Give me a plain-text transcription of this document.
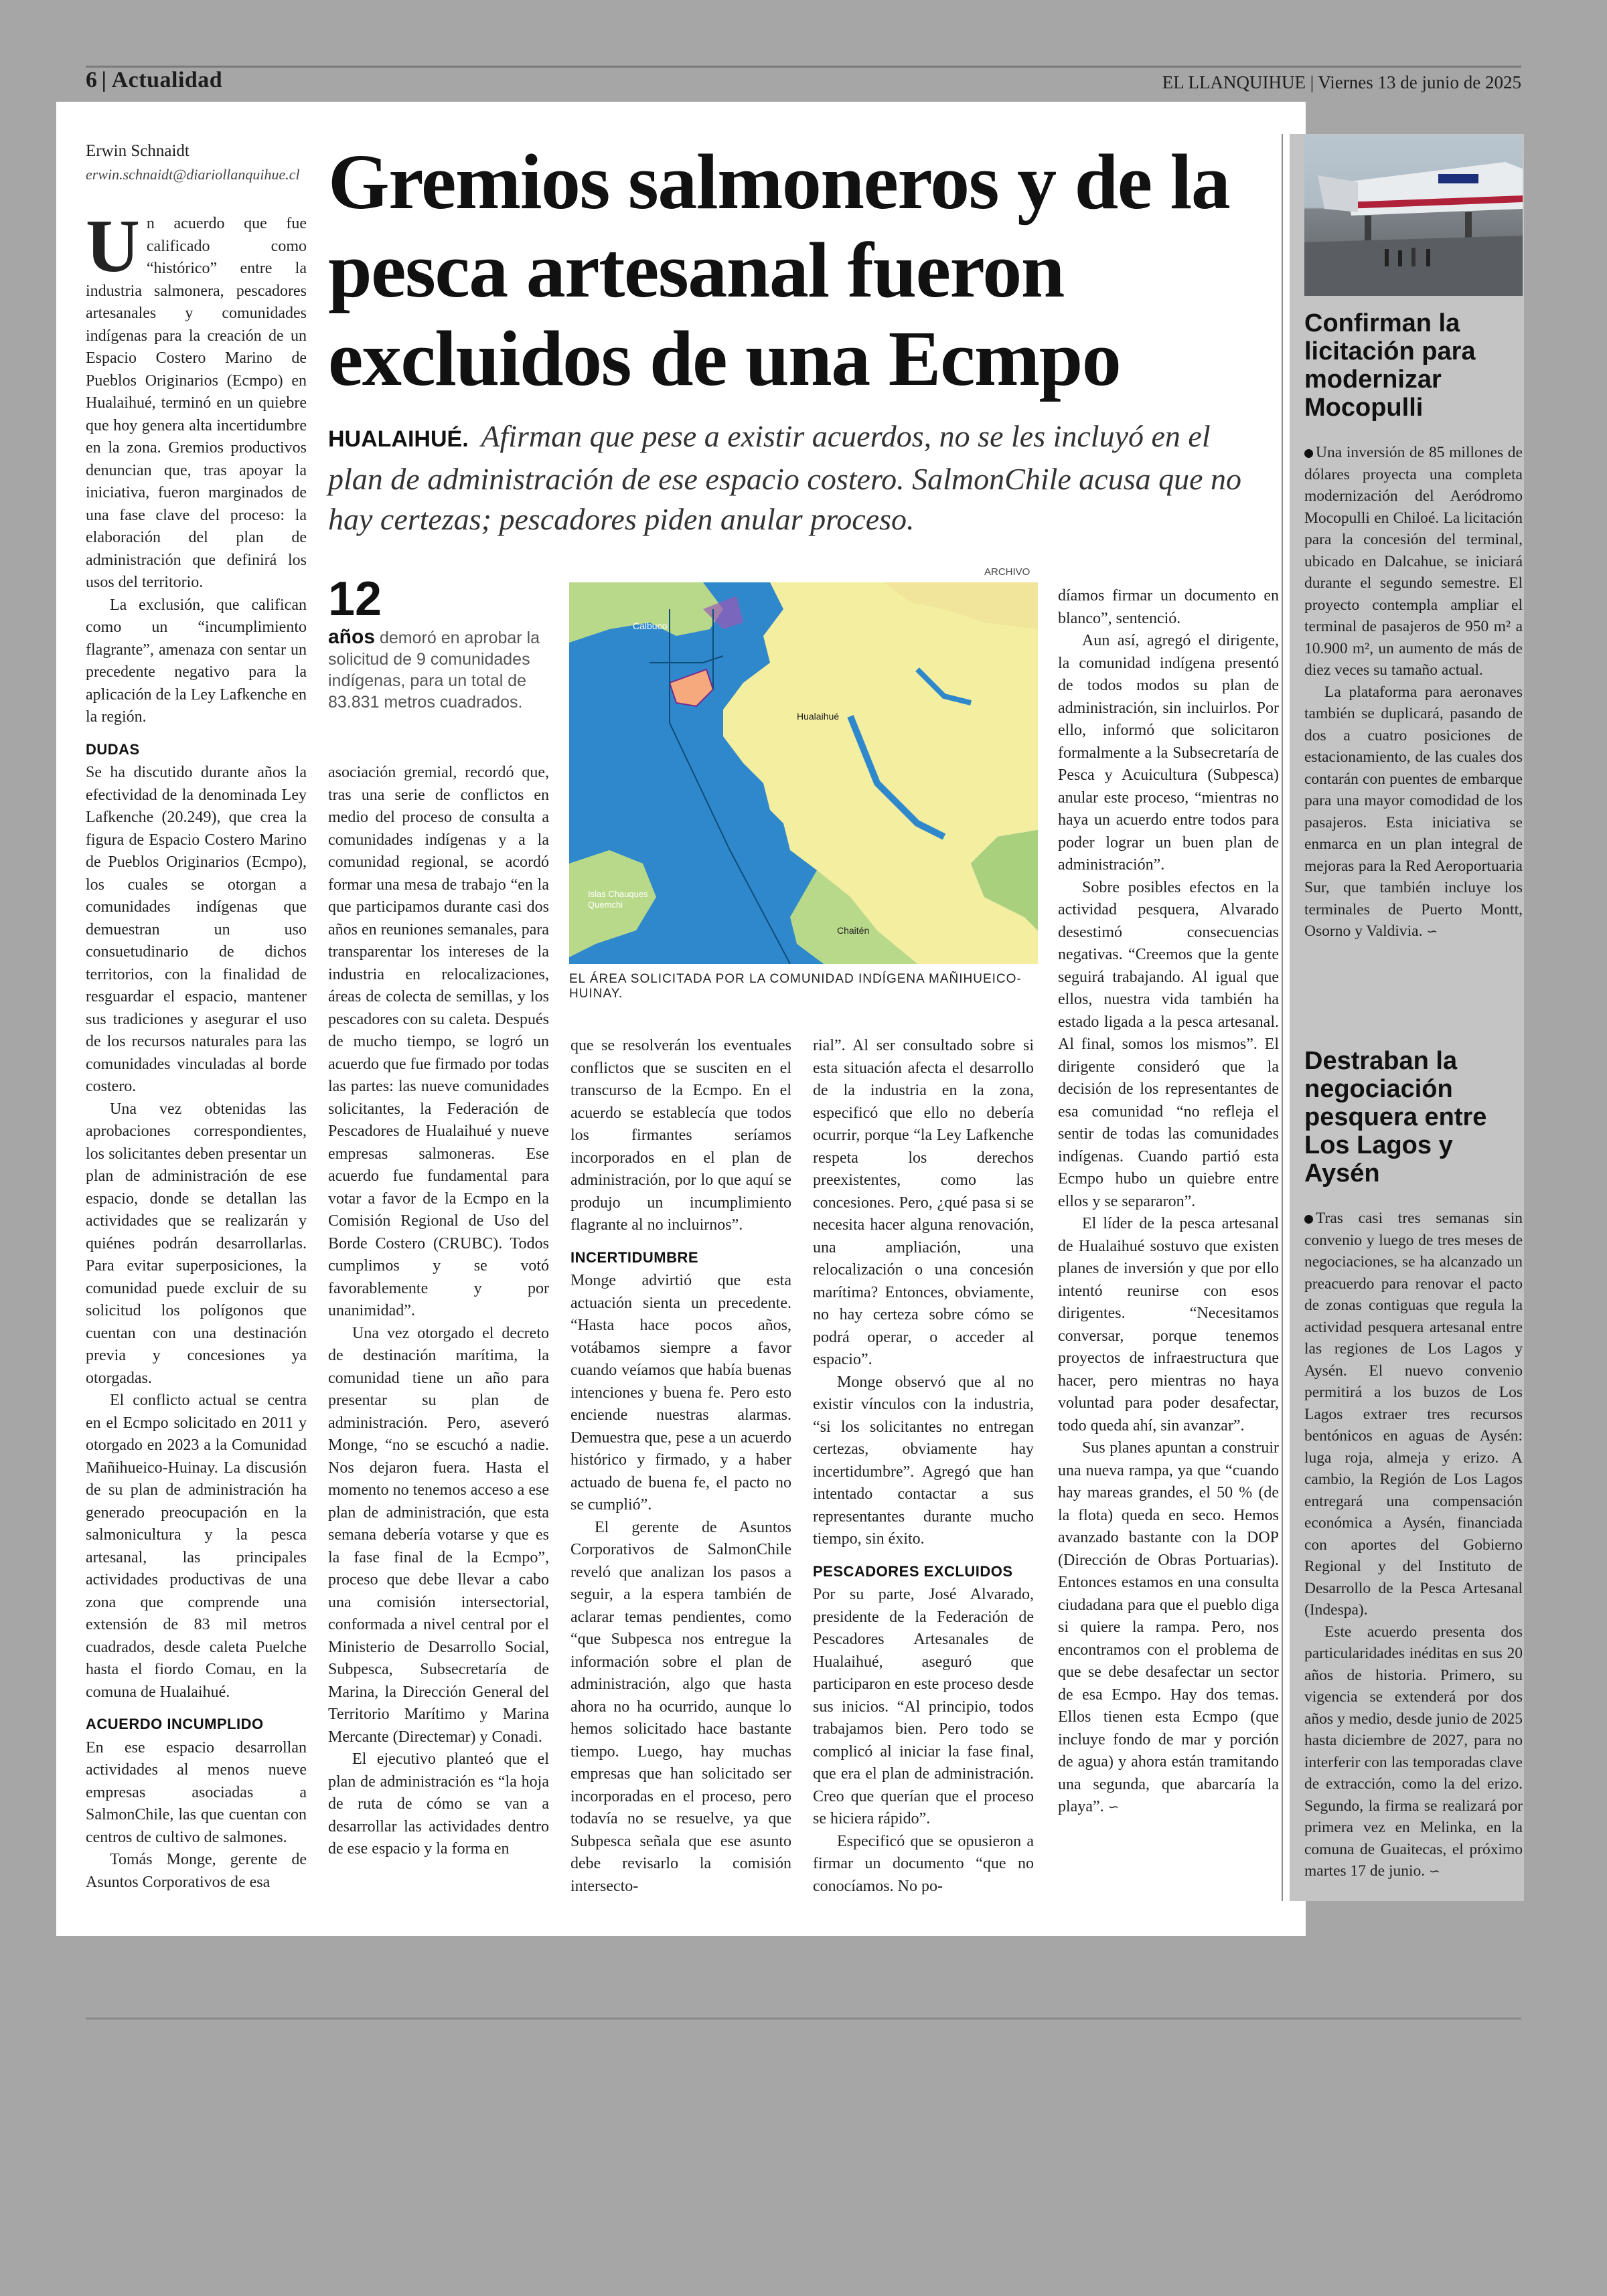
6 | Actualidad	EL LLANQUIHUE | Viernes 13 de junio de 2025
Erwin Schnaidt
erwin.schnaidt@diariollanquihue.cl Gremios salmoneros y de la pesca artesanal fueron excluidos de una Ecmpo
HUALAIHUÉ. Afirman que pese a existir acuerdos, no se les incluyó en el plan de administración de ese espacio costero. SalmonChile acusa que no hay certezas; pescadores piden anular proceso.
12
años demoró en aprobar la solicitud de 9 comunidades indígenas, para un total de 83.831 metros cuadrados.
ARCHIVO
Calbuco
Hualaihué
Islas Chauques
Quemchi
Chaitén
EL ÁREA SOLICITADA POR LA COMUNIDAD INDÍGENA MAÑIHUEICO-HUINAY.

Un acuerdo que fue calificado como “histórico” entre la industria salmonera, pescadores artesanales y comunidades indígenas para la creación de un Espacio Costero Marino de Pueblos Originarios (Ecmpo) en Hualaihué, terminó en un quiebre que hoy genera alta incertidumbre en la zona. Gremios productivos denuncian que, tras apoyar la iniciativa, fueron marginados de una fase clave del proceso: la elaboración del plan de administración que definirá los usos del territorio.

La exclusión, que califican como un “incumplimiento flagrante”, amenaza con sentar un precedente negativo para la aplicación de la Ley Lafkenche en la región.

DUDAS

Se ha discutido durante años la efectividad de la denominada Ley Lafkenche (20.249), que crea la figura de Espacio Costero Marino de Pueblos Originarios (Ecmpo), los cuales se otorgan a comunidades indígenas que demuestran un uso consuetudinario de dichos territorios, con la finalidad de resguardar el espacio, mantener sus tradiciones y asegurar el uso de los recursos naturales para las comunidades vinculadas al borde costero.

Una vez obtenidas las aprobaciones correspondientes, los solicitantes deben presentar un plan de administración de ese espacio, donde se detallan las actividades que se realizarán y quiénes podrán desarrollarlas. Para evitar superposiciones, la comunidad puede excluir de su solicitud los polígonos que cuentan con una destinación previa y concesiones ya otorgadas.

El conflicto actual se centra en el Ecmpo solicitado en 2011 y otorgado en 2023 a la Comunidad Mañihueico-Huinay. La discusión de su plan de administración ha generado preocupación en la salmonicultura y la pesca artesanal, las principales actividades productivas de una zona que comprende una extensión de 83 mil metros cuadrados, desde caleta Puelche hasta el fiordo Comau, en la comuna de Hualaihué.

ACUERDO INCUMPLIDO

En ese espacio desarrollan actividades al menos nueve empresas asociadas a SalmonChile, las que cuentan con centros de cultivo de salmones.

Tomás Monge, gerente de Asuntos Corporativos de esa

asociación gremial, recordó que, tras una serie de conflictos en medio del proceso de consulta a comunidades indígenas y a la comunidad regional, se acordó formar una mesa de trabajo “en la que participamos durante casi dos años en reuniones semanales, para transparentar los intereses de la industria en relocalizaciones, áreas de colecta de semillas, y los pescadores con su caleta. Después de mucho tiempo, se logró un acuerdo que fue firmado por todas las partes: las nueve comunidades solicitantes, la Federación de Pescadores de Hualaihué y nueve empresas salmoneras. Ese acuerdo fue fundamental para votar a favor de la Ecmpo en la Comisión Regional de Uso del Borde Costero (CRUBC). Todos cumplimos y se votó favorablemente y por unanimidad”.

Una vez otorgado el decreto de destinación marítima, la comunidad tiene un año para presentar su plan de administración. Pero, aseveró Monge, “no se escuchó a nadie. Nos dejaron fuera. Hasta el momento no tenemos acceso a ese plan de administración, que esta semana debería votarse y que es la fase final de la Ecmpo”, proceso que debe llevar a cabo una comisión intersectorial, conformada a nivel central por el Ministerio de Desarrollo Social, Subpesca, Subsecretaría de Marina, la Dirección General del Territorio Marítimo y Marina Mercante (Directemar) y Conadi.

El ejecutivo planteó que el plan de administración es “la hoja de ruta de cómo se van a desarrollar las actividades dentro de ese espacio y la forma en

que se resolverán los eventuales conflictos que se susciten en el transcurso de la Ecmpo. En el acuerdo se establecía que todos los firmantes seríamos incorporados en el plan de administración, por lo que aquí se produjo un incumplimiento flagrante al no incluirnos”.

INCERTIDUMBRE

Monge advirtió que esta actuación sienta un precedente. “Hasta hace pocos años, votábamos siempre a favor cuando veíamos que había buenas intenciones y buena fe. Pero esto enciende nuestras alarmas. Demuestra que, pese a un acuerdo histórico y firmado, y a haber actuado de buena fe, el pacto no se cumplió”.

El gerente de Asuntos Corporativos de SalmonChile reveló que analizan los pasos a seguir, a la espera también de aclarar temas pendientes, como “que Subpesca nos entregue la información sobre el plan de administración, algo que hasta ahora no ha ocurrido, aunque lo hemos solicitado hace bastante tiempo. Luego, hay muchas empresas que han solicitado ser incorporadas en el proceso, pero todavía no se resuelve, ya que Subpesca señala que ese asunto debe revisarlo la comisión intersecto-

rial”. Al ser consultado sobre si esta situación afecta el desarrollo de la industria en la zona, especificó que ello no debería ocurrir, porque “la Ley Lafkenche respeta los derechos preexistentes, como las concesiones. Pero, ¿qué pasa si se necesita hacer alguna renovación, una ampliación, una relocalización o una concesión marítima? Entonces, obviamente, no hay certeza sobre cómo se podrá operar, o acceder al espacio”.

Monge observó que al no existir vínculos con la industria, “si los solicitantes no entregan certezas, obviamente hay incertidumbre”. Agregó que han intentado contactar a sus representantes durante mucho tiempo, sin éxito.

PESCADORES EXCLUIDOS

Por su parte, José Alvarado, presidente de la Federación de Pescadores Artesanales de Hualaihué, aseguró que participaron en este proceso desde sus inicios. “Al principio, todos trabajamos bien. Pero todo se complicó al iniciar la fase final, que era el plan de administración. Creo que querían que el proceso se hiciera rápido”.

Especificó que se opusieron a firmar un documento “que no conocíamos. No po-

díamos firmar un documento en blanco”, sentenció.

Aun así, agregó el dirigente, la comunidad indígena presentó de todos modos su plan de administración, sin incluirlos. Por ello, informó que solicitaron formalmente a la Subsecretaría de Pesca y Acuicultura (Subpesca) anular este proceso, “mientras no haya un acuerdo entre todos para poder lograr un buen plan de administración”.

Sobre posibles efectos en la actividad pesquera, Alvarado desestimó consecuencias negativas. “Creemos que la gente seguirá trabajando. Al igual que ellos, nuestra vida también ha estado ligada a la pesca artesanal. Al final, somos los mismos”. El dirigente consideró que la decisión de los representantes de esa comunidad “no refleja el sentir de todas las comunidades indígenas. Cuando partió esta Ecmpo hubo un quiebre entre ellos y se separaron”.

El líder de la pesca artesanal de Hualaihué sostuvo que existen planes de inversión y que por ello intentó reunirse con esos dirigentes. “Necesitamos conversar, porque tenemos proyectos de infraestructura que hacer, pero mientras no haya voluntad para poder desafectar, todo queda ahí, sin avanzar”.

Sus planes apuntan a construir una nueva rampa, ya que “cuando hay mareas grandes, el 50 % (de la flota) queda en seco. Hemos avanzado bastante con la DOP (Dirección de Obras Portuarias). Entonces estamos en una consulta ciudadana para que el pueblo diga si quiere la rampa. Pero, nos encontramos con el problema de que se debe desafectar un sector de esa Ecmpo. Hay dos temas. Ellos tienen esta Ecmpo (que incluye fondo de mar y porción de agua) y ahora están tramitando una segunda, que abarcaría la playa”. ∽

Confirman la licitación para modernizar Mocopulli

Una inversión de 85 millones de dólares proyecta una completa modernización del Aeródromo Mocopulli en Chiloé. La licitación para la concesión del terminal, ubicado en Dalcahue, se iniciará durante el segundo semestre. El proyecto contempla ampliar el terminal de pasajeros de 950 m² a 10.900 m², un aumento de más de diez veces su tamaño actual.

La plataforma para aeronaves también se duplicará, pasando de dos a cuatro posiciones de estacionamiento, de las cuales dos contarán con puentes de embarque para una mayor comodidad de los pasajeros. Esta iniciativa se enmarca en un plan integral de mejoras para la Red Aeroportuaria Sur, que también incluye los terminales de Puerto Montt, Osorno y Valdivia. ∽

Destraban la negociación pesquera entre Los Lagos y Aysén

Tras casi tres semanas sin convenio y luego de tres meses de negociaciones, se ha alcanzado un preacuerdo para renovar el pacto de zonas contiguas que regula la actividad pesquera artesanal entre las regiones de Los Lagos y Aysén. El nuevo convenio permitirá a los buzos de Los Lagos extraer tres recursos bentónicos en aguas de Aysén: luga roja, almeja y erizo. A cambio, la Región de Los Lagos entregará una compensación económica a Aysén, financiada con aportes del Gobierno Regional y del Instituto de Desarrollo de la Pesca Artesanal (Indespa).

Este acuerdo presenta dos particularidades inéditas en sus 20 años de historia. Primero, su vigencia se extenderá por dos años y medio, desde junio de 2025 hasta diciembre de 2027, para no interferir con las temporadas clave de extracción, como la del erizo. Segundo, la firma se realizará por primera vez en Melinka, en la comuna de Guaitecas, el próximo martes 17 de junio. ∽
